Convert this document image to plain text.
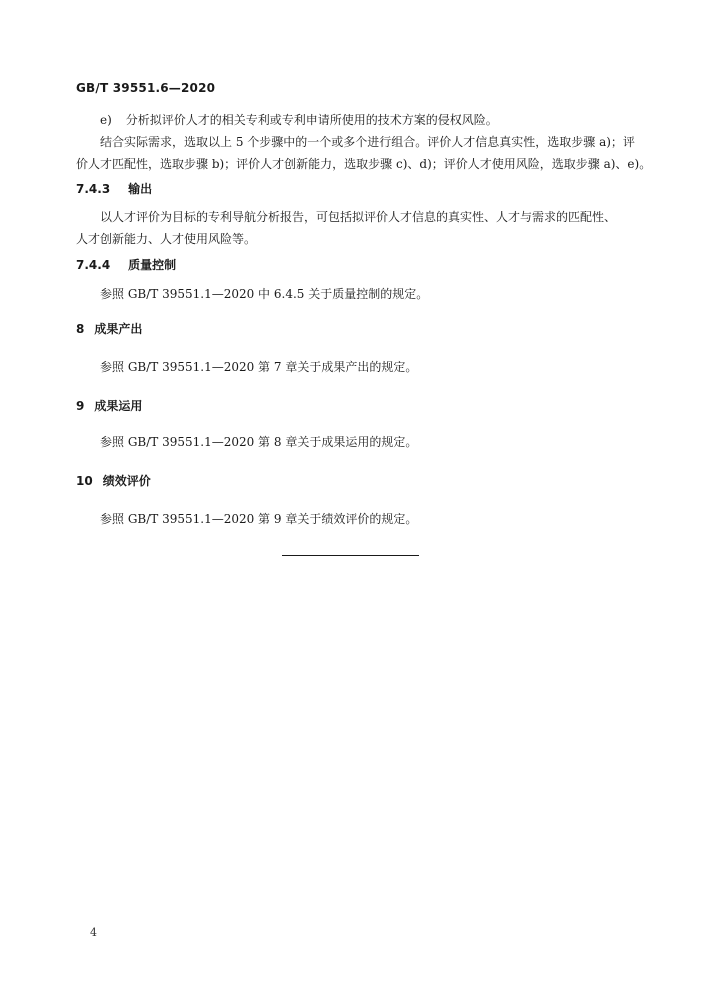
GB/T 39551.6—2020
e) 分析拟评价人才的相关专利或专利申请所使用的技术方案的侵权风险。
结合实际需求，选取以上 5 个步骤中的一个或多个进行组合。评价人才信息真实性，选取步骤 a)；评
价人才匹配性，选取步骤 b)；评价人才创新能力，选取步骤 c)、d)；评价人才使用风险，选取步骤 a)、e)。
7.4.3 输出
以人才评价为目标的专利导航分析报告，可包括拟评价人才信息的真实性、人才与需求的匹配性、
人才创新能力、人才使用风险等。
7.4.4 质量控制
参照 GB/T 39551.1—2020 中 6.4.5 关于质量控制的规定。
8 成果产出
参照 GB/T 39551.1—2020 第 7 章关于成果产出的规定。
9 成果运用
参照 GB/T 39551.1—2020 第 8 章关于成果运用的规定。
10 绩效评价
参照 GB/T 39551.1—2020 第 9 章关于绩效评价的规定。
4
